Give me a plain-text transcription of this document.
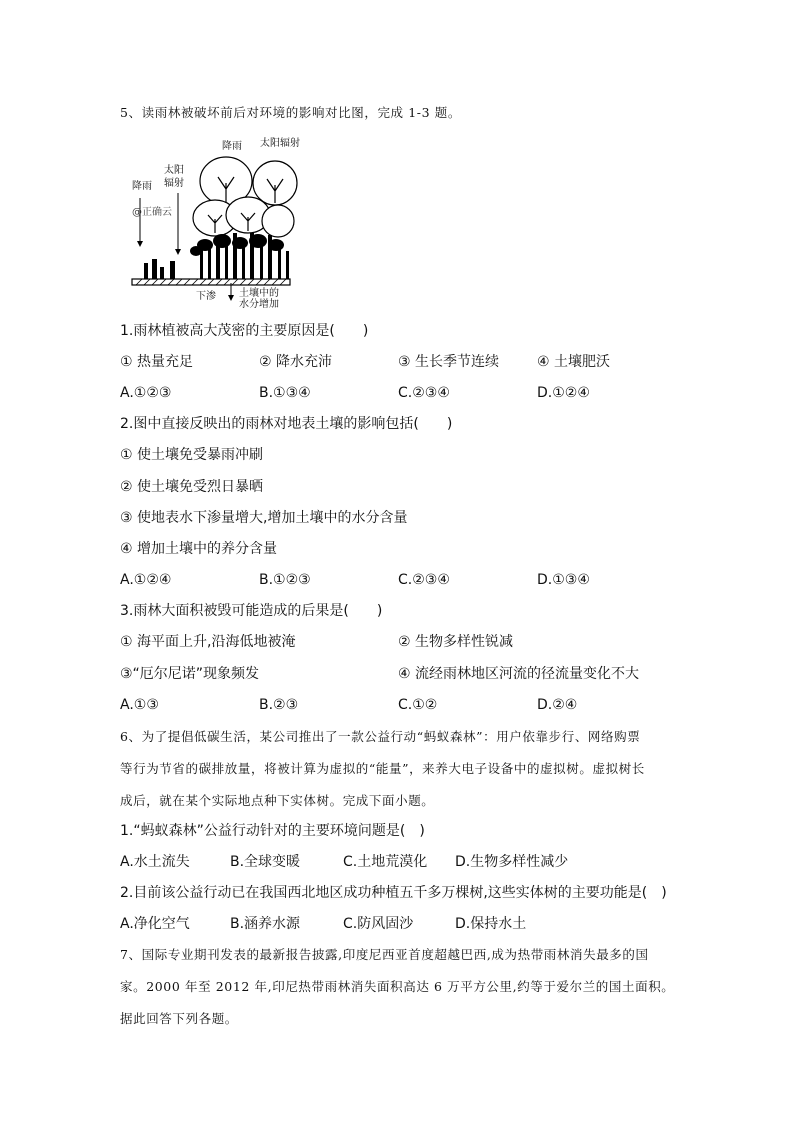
5、读雨林被破坏前后对环境的影响对比图，完成 1-3 题。
降雨
太阳
辐射
@正确云
降雨 太阳辐射
下渗 土壤中的
水分增加
1.雨林植被高大茂密的主要原因是(　　)
① 热量充足	② 降水充沛	③ 生长季节连续	④ 土壤肥沃
A.①②③	B.①③④	C.②③④	D.①②④
2.图中直接反映出的雨林对地表土壤的影响包括(　　)
① 使土壤免受暴雨冲刷
② 使土壤免受烈日暴晒
③ 使地表水下渗量增大,增加土壤中的水分含量
④ 增加土壤中的养分含量
A.①②④	B.①②③	C.②③④	D.①③④
3.雨林大面积被毁可能造成的后果是(　　)
① 海平面上升,沿海低地被淹	② 生物多样性锐减
③“厄尔尼诺”现象频发	④ 流经雨林地区河流的径流量变化不大
A.①③	B.②③	C.①②	D.②④
6、为了提倡低碳生活，某公司推出了一款公益行动“蚂蚁森林”：用户依靠步行、网络购票
等行为节省的碳排放量，将被计算为虚拟的“能量”，来养大电子设备中的虚拟树。虚拟树长
成后，就在某个实际地点种下实体树。完成下面小题。
1.“蚂蚁森林”公益行动针对的主要环境问题是(　)
A.水土流失	B.全球变暖	C.土地荒漠化 D.生物多样性减少
2.目前该公益行动已在我国西北地区成功种植五千多万棵树,这些实体树的主要功能是(　)
A.净化空气	B.涵养水源	C.防风固沙	D.保持水土
7、国际专业期刊发表的最新报告披露,印度尼西亚首度超越巴西,成为热带雨林消失最多的国
家。2000 年至 2012 年,印尼热带雨林消失面积高达 6 万平方公里,约等于爱尔兰的国土面积。
据此回答下列各题。
